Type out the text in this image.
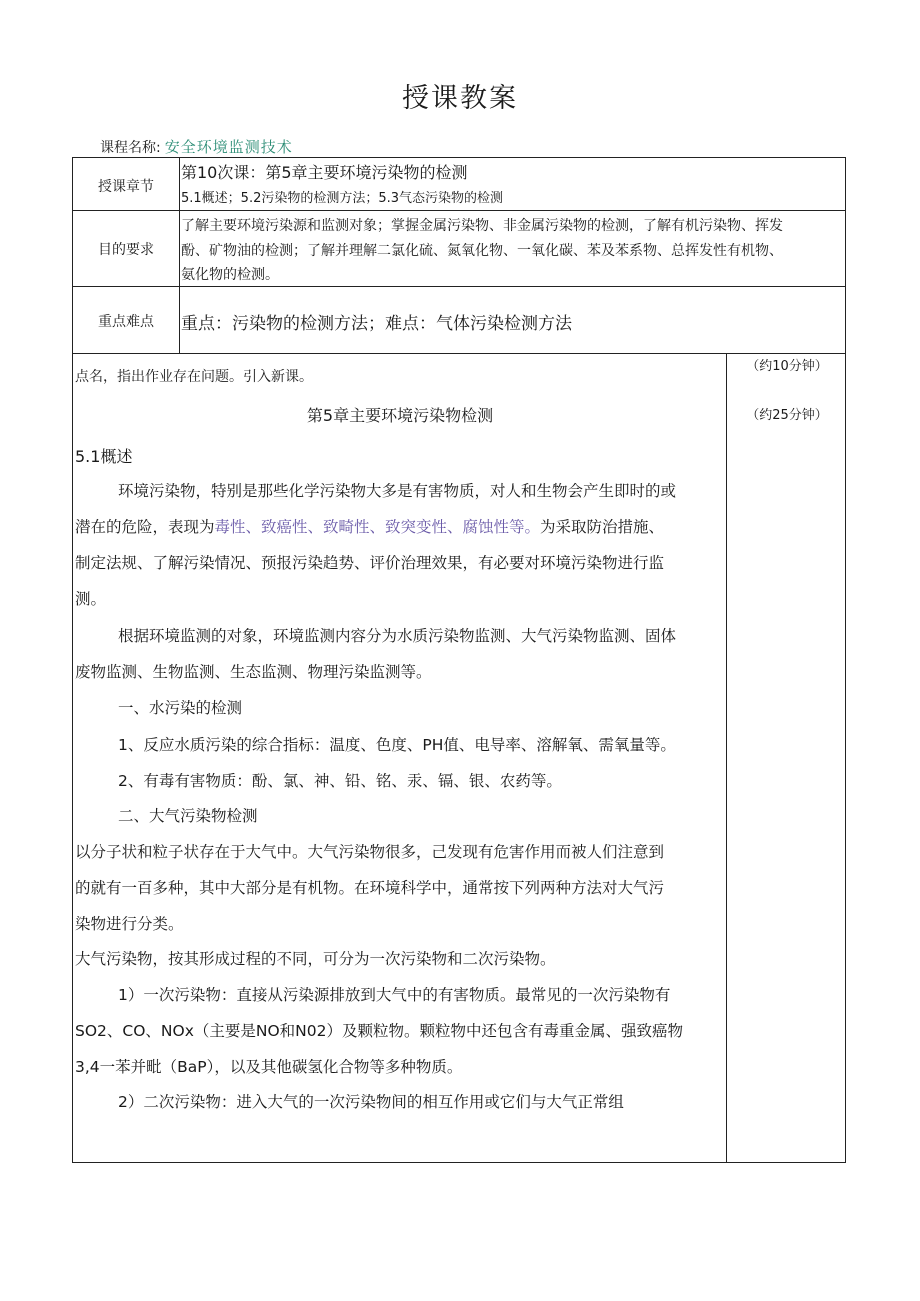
授课教案
课程名称: 安全环境监测技术
授课章节
第10次课：第5章主要环境污染物的检测
5.1概述；5.2污染物的检测方法；5.3气态污染物的检测
目的要求
了解主要环境污染源和监测对象；掌握金属污染物、非金属污染物的检测，了解有机污染物、挥发
酚、矿物油的检测；了解并理解二氯化硫、氮氧化物、一氧化碳、苯及苯系物、总挥发性有机物、
氨化物的检测。
重点难点	重点：污染物的检测方法；难点：气体污染检测方法
（约10分钟）
（约25分钟）
点名，指出作业存在问题。引入新课。
第5章主要环境污染物检测
5.1概述
环境污染物，特别是那些化学污染物大多是有害物质，对人和生物会产生即时的或
潜在的危险，表现为毒性、致癌性、致畸性、致突变性、腐蚀性等。为采取防治措施、
制定法规、了解污染情况、预报污染趋势、评价治理效果，有必要对环境污染物进行监
测。
根据环境监测的对象，环境监测内容分为水质污染物监测、大气污染物监测、固体
废物监测、生物监测、生态监测、物理污染监测等。
一、水污染的检测
1、反应水质污染的综合指标：温度、色度、PH值、电导率、溶解氧、需氧量等。
2、有毒有害物质：酚、氯、神、铅、铭、汞、镉、银、农药等。
二、大气污染物检测
以分子状和粒子状存在于大气中。大气污染物很多，己发现有危害作用而被人们注意到
的就有一百多种，其中大部分是有机物。在环境科学中，通常按下列两种方法对大气污
染物进行分类。
大气污染物，按其形成过程的不同，可分为一次污染物和二次污染物。
1）一次污染物：直接从污染源排放到大气中的有害物质。最常见的一次污染物有
SO2、CO、NOx（主要是NO和N02）及颗粒物。颗粒物中还包含有毒重金属、强致癌物
3,4一苯并毗（BaP），以及其他碳氢化合物等多种物质。
2）二次污染物：进入大气的一次污染物间的相互作用或它们与大气正常组
